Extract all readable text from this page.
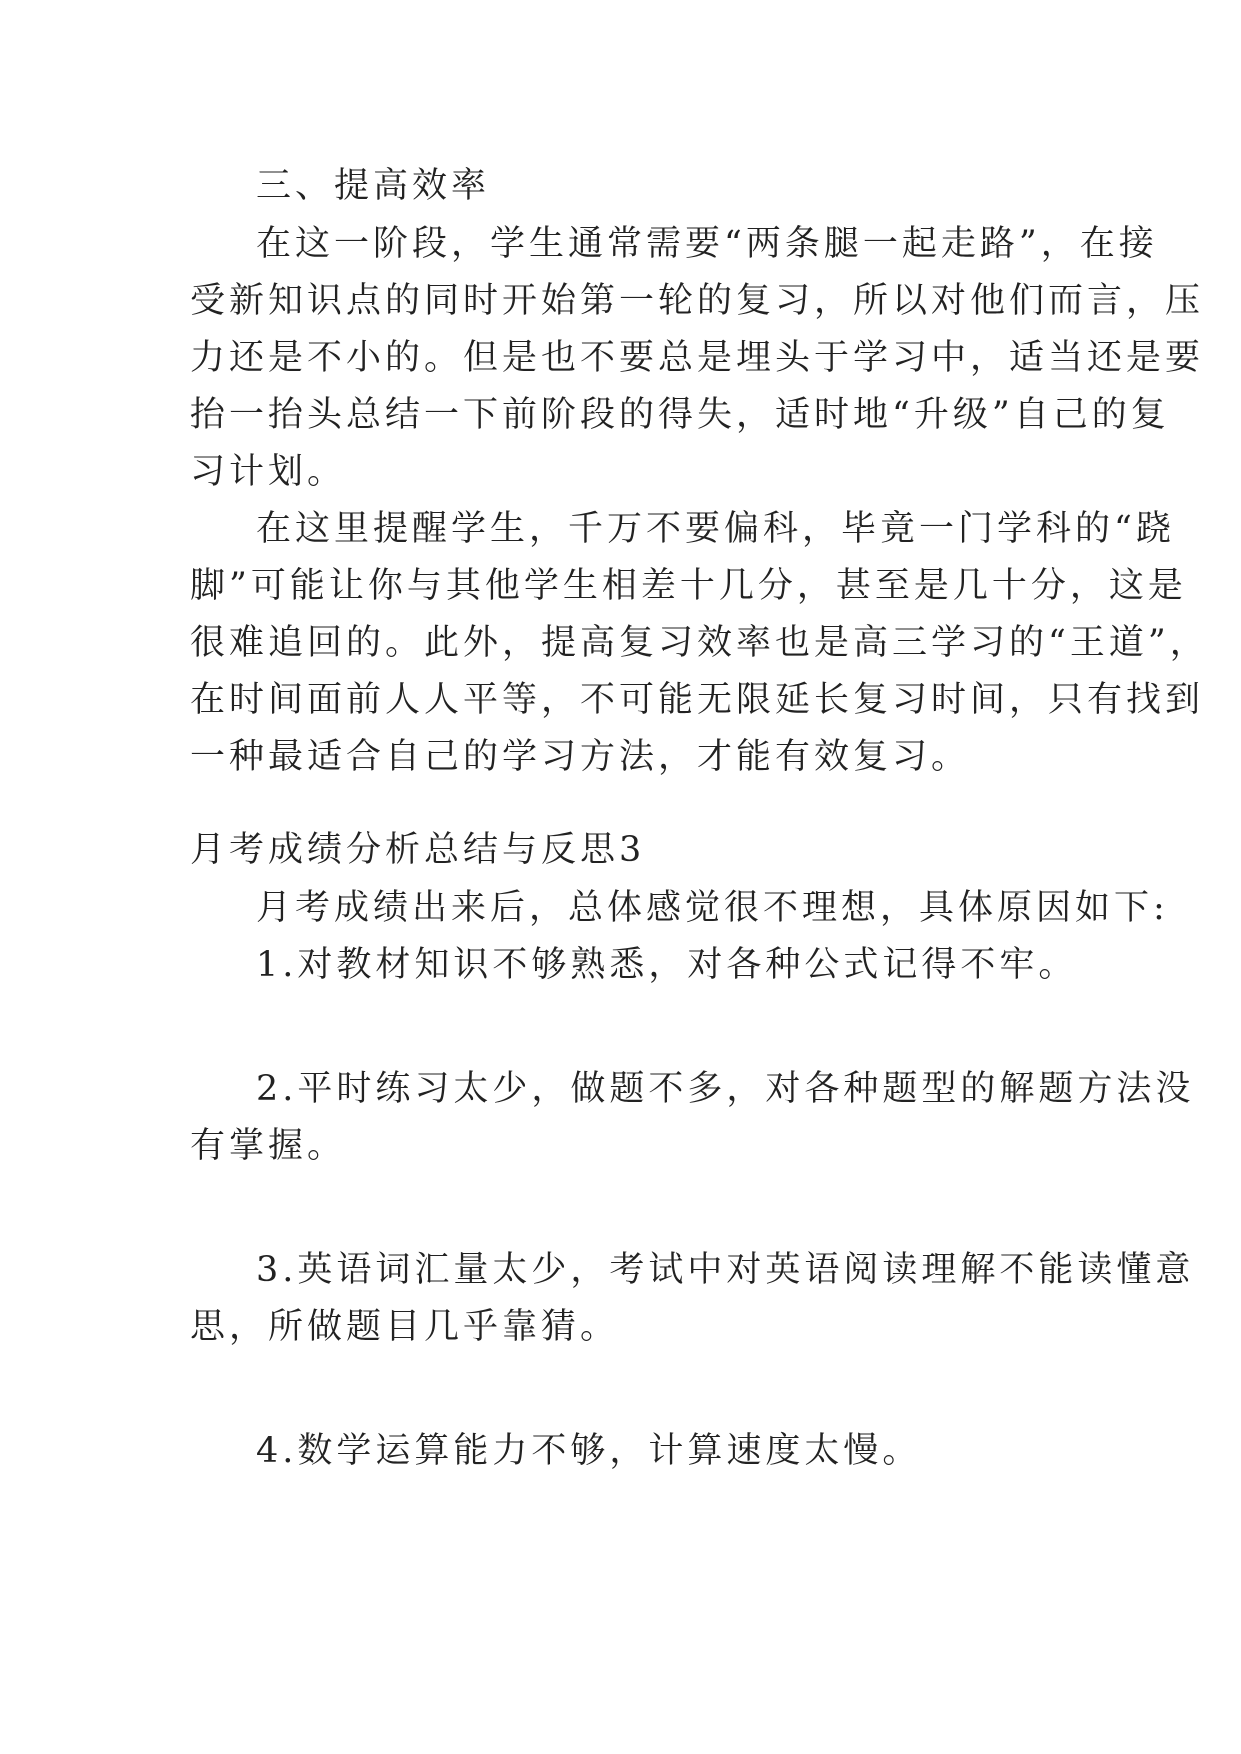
三、提高效率
在这一阶段，学生通常需要“两条腿一起走路”，在接
受新知识点的同时开始第一轮的复习，所以对他们而言，压
力还是不小的。但是也不要总是埋头于学习中，适当还是要
抬一抬头总结一下前阶段的得失，适时地“升级”自己的复
习计划。
在这里提醒学生，千万不要偏科，毕竟一门学科的“跷
脚”可能让你与其他学生相差十几分，甚至是几十分，这是
很难追回的。此外，提高复习效率也是高三学习的“王道”，
在时间面前人人平等，不可能无限延长复习时间，只有找到
一种最适合自己的学习方法，才能有效复习。
月考成绩分析总结与反思3
月考成绩出来后，总体感觉很不理想，具体原因如下:
1.对教材知识不够熟悉，对各种公式记得不牢。
2.平时练习太少，做题不多，对各种题型的解题方法没
有掌握。
3.英语词汇量太少，考试中对英语阅读理解不能读懂意
思，所做题目几乎靠猜。
4.数学运算能力不够，计算速度太慢。
